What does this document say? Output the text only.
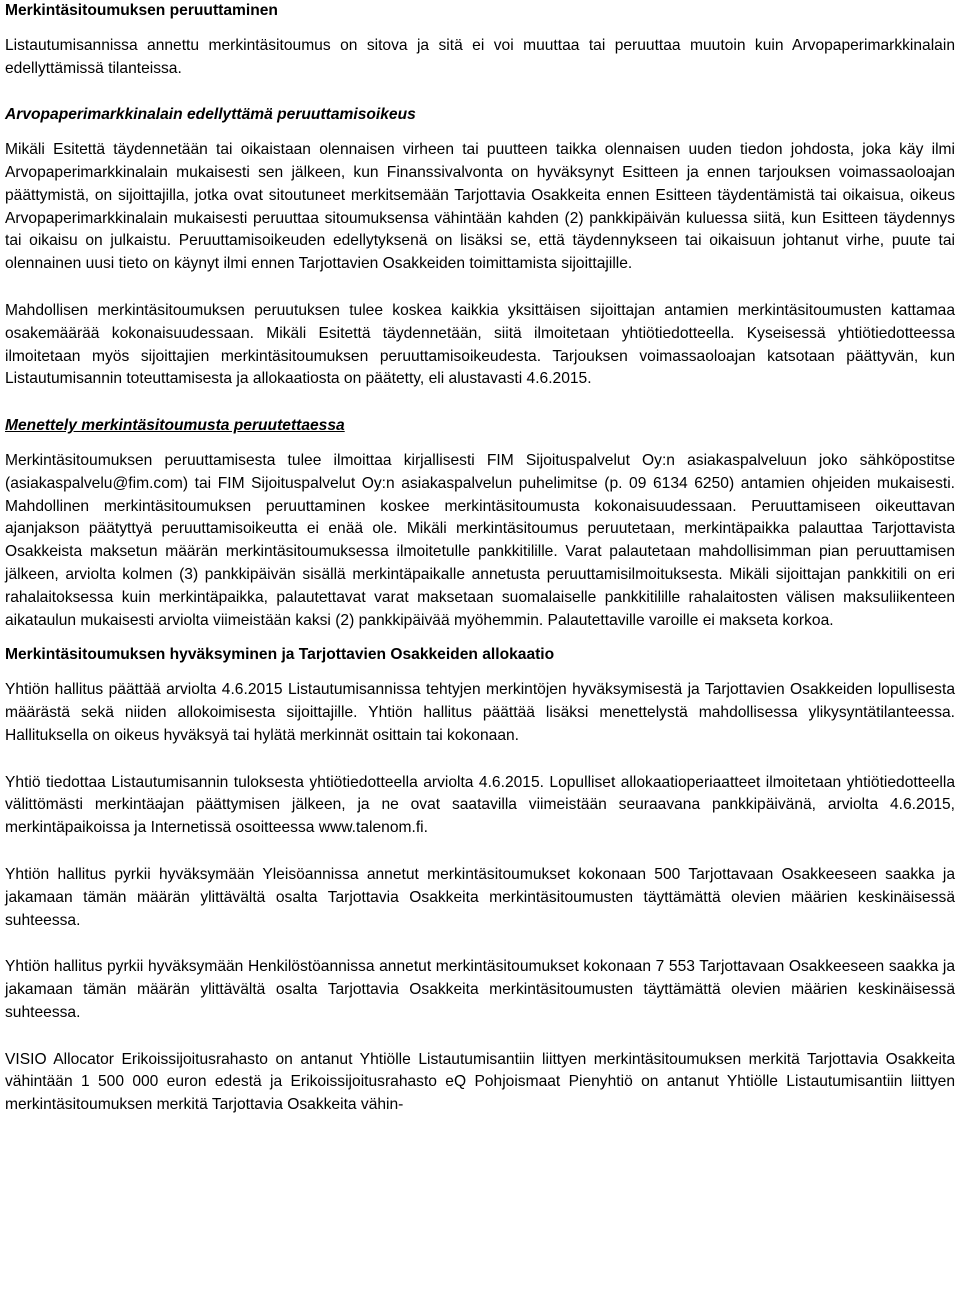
Merkintäsitoumuksen peruuttaminen

Listautumisannissa annettu merkintäsitoumus on sitova ja sitä ei voi muuttaa tai peruuttaa muutoin kuin Arvopaperimarkkinalain edellyttämissä tilanteissa.

Arvopaperimarkkinalain edellyttämä peruuttamisoikeus

Mikäli Esitettä täydennetään tai oikaistaan olennaisen virheen tai puutteen taikka olennaisen uuden tiedon johdosta, joka käy ilmi Arvopaperimarkkinalain mukaisesti sen jälkeen, kun Finanssivalvonta on hyväksynyt Esitteen ja ennen tarjouksen voimassaoloajan päättymistä, on sijoittajilla, jotka ovat sitoutuneet merkitsemään Tarjottavia Osakkeita ennen Esitteen täydentämistä tai oikaisua, oikeus Arvopaperimarkkinalain mukaisesti peruuttaa sitoumuksensa vähintään kahden (2) pankkipäivän kuluessa siitä, kun Esitteen täydennys tai oikaisu on julkaistu. Peruuttamisoikeuden edellytyksenä on lisäksi se, että täydennykseen tai oikaisuun johtanut virhe, puute tai olennainen uusi tieto on käynyt ilmi ennen Tarjottavien Osakkeiden toimittamista sijoittajille.

Mahdollisen merkintäsitoumuksen peruutuksen tulee koskea kaikkia yksittäisen sijoittajan antamien merkintäsitoumusten kattamaa osakemäärää kokonaisuudessaan. Mikäli Esitettä täydennetään, siitä ilmoitetaan yhtiötiedotteella. Kyseisessä yhtiötiedotteessa ilmoitetaan myös sijoittajien merkintäsitoumuksen peruuttamisoikeudesta. Tarjouksen voimassaoloajan katsotaan päättyvän, kun Listautumisannin toteuttamisesta ja allokaatiosta on päätetty, eli alustavasti 4.6.2015.

Menettely merkintäsitoumusta peruutettaessa

Merkintäsitoumuksen peruuttamisesta tulee ilmoittaa kirjallisesti FIM Sijoituspalvelut Oy:n asiakaspalveluun joko sähköpostitse (asiakaspalvelu@fim.com) tai FIM Sijoituspalvelut Oy:n asiakaspalvelun puhelimitse (p. 09 6134 6250) antamien ohjeiden mukaisesti. Mahdollinen merkintäsitoumuksen peruuttaminen koskee merkintäsitoumusta kokonaisuudessaan. Peruuttamiseen oikeuttavan ajanjakson päätyttyä peruuttamisoikeutta ei enää ole. Mikäli merkintäsitoumus peruutetaan, merkintäpaikka palauttaa Tarjottavista Osakkeista maksetun määrän merkintäsitoumuksessa ilmoitetulle pankkitilille. Varat palautetaan mahdollisimman pian peruuttamisen jälkeen, arviolta kolmen (3) pankkipäivän sisällä merkintäpaikalle annetusta peruuttamisilmoituksesta. Mikäli sijoittajan pankkitili on eri rahalaitoksessa kuin merkintäpaikka, palautettavat varat maksetaan suomalaiselle pankkitilille rahalaitosten välisen maksuliikenteen aikataulun mukaisesti arviolta viimeistään kaksi (2) pankkipäivää myöhemmin. Palautettaville varoille ei makseta korkoa.

Merkintäsitoumuksen hyväksyminen ja Tarjottavien Osakkeiden allokaatio

Yhtiön hallitus päättää arviolta 4.6.2015 Listautumisannissa tehtyjen merkintöjen hyväksymisestä ja Tarjottavien Osakkeiden lopullisesta määrästä sekä niiden allokoimisesta sijoittajille. Yhtiön hallitus päättää lisäksi menettelystä mahdollisessa ylikysyntätilanteessa. Hallituksella on oikeus hyväksyä tai hylätä merkinnät osittain tai kokonaan.

Yhtiö tiedottaa Listautumisannin tuloksesta yhtiötiedotteella arviolta 4.6.2015. Lopulliset allokaatioperiaatteet ilmoitetaan yhtiötiedotteella välittömästi merkintäajan päättymisen jälkeen, ja ne ovat saatavilla viimeistään seuraavana pankkipäivänä, arviolta 4.6.2015, merkintäpaikoissa ja Internetissä osoitteessa www.talenom.fi.

Yhtiön hallitus pyrkii hyväksymään Yleisöannissa annetut merkintäsitoumukset kokonaan 500 Tarjottavaan Osakkeeseen saakka ja jakamaan tämän määrän ylittävältä osalta Tarjottavia Osakkeita merkintäsitoumusten täyttämättä olevien määrien keskinäisessä suhteessa.

Yhtiön hallitus pyrkii hyväksymään Henkilöstöannissa annetut merkintäsitoumukset kokonaan 7 553 Tarjottavaan Osakkeeseen saakka ja jakamaan tämän määrän ylittävältä osalta Tarjottavia Osakkeita merkintäsitoumusten täyttämättä olevien määrien keskinäisessä suhteessa.

VISIO Allocator Erikoissijoitusrahasto on antanut Yhtiölle Listautumisantiin liittyen merkintäsitoumuksen merkitä Tarjottavia Osakkeita vähintään 1 500 000 euron edestä ja Erikoissijoitusrahasto eQ Pohjoismaat Pienyhtiö on antanut Yhtiölle Listautumisantiin liittyen merkintäsitoumuksen merkitä Tarjottavia Osakkeita vähin-
